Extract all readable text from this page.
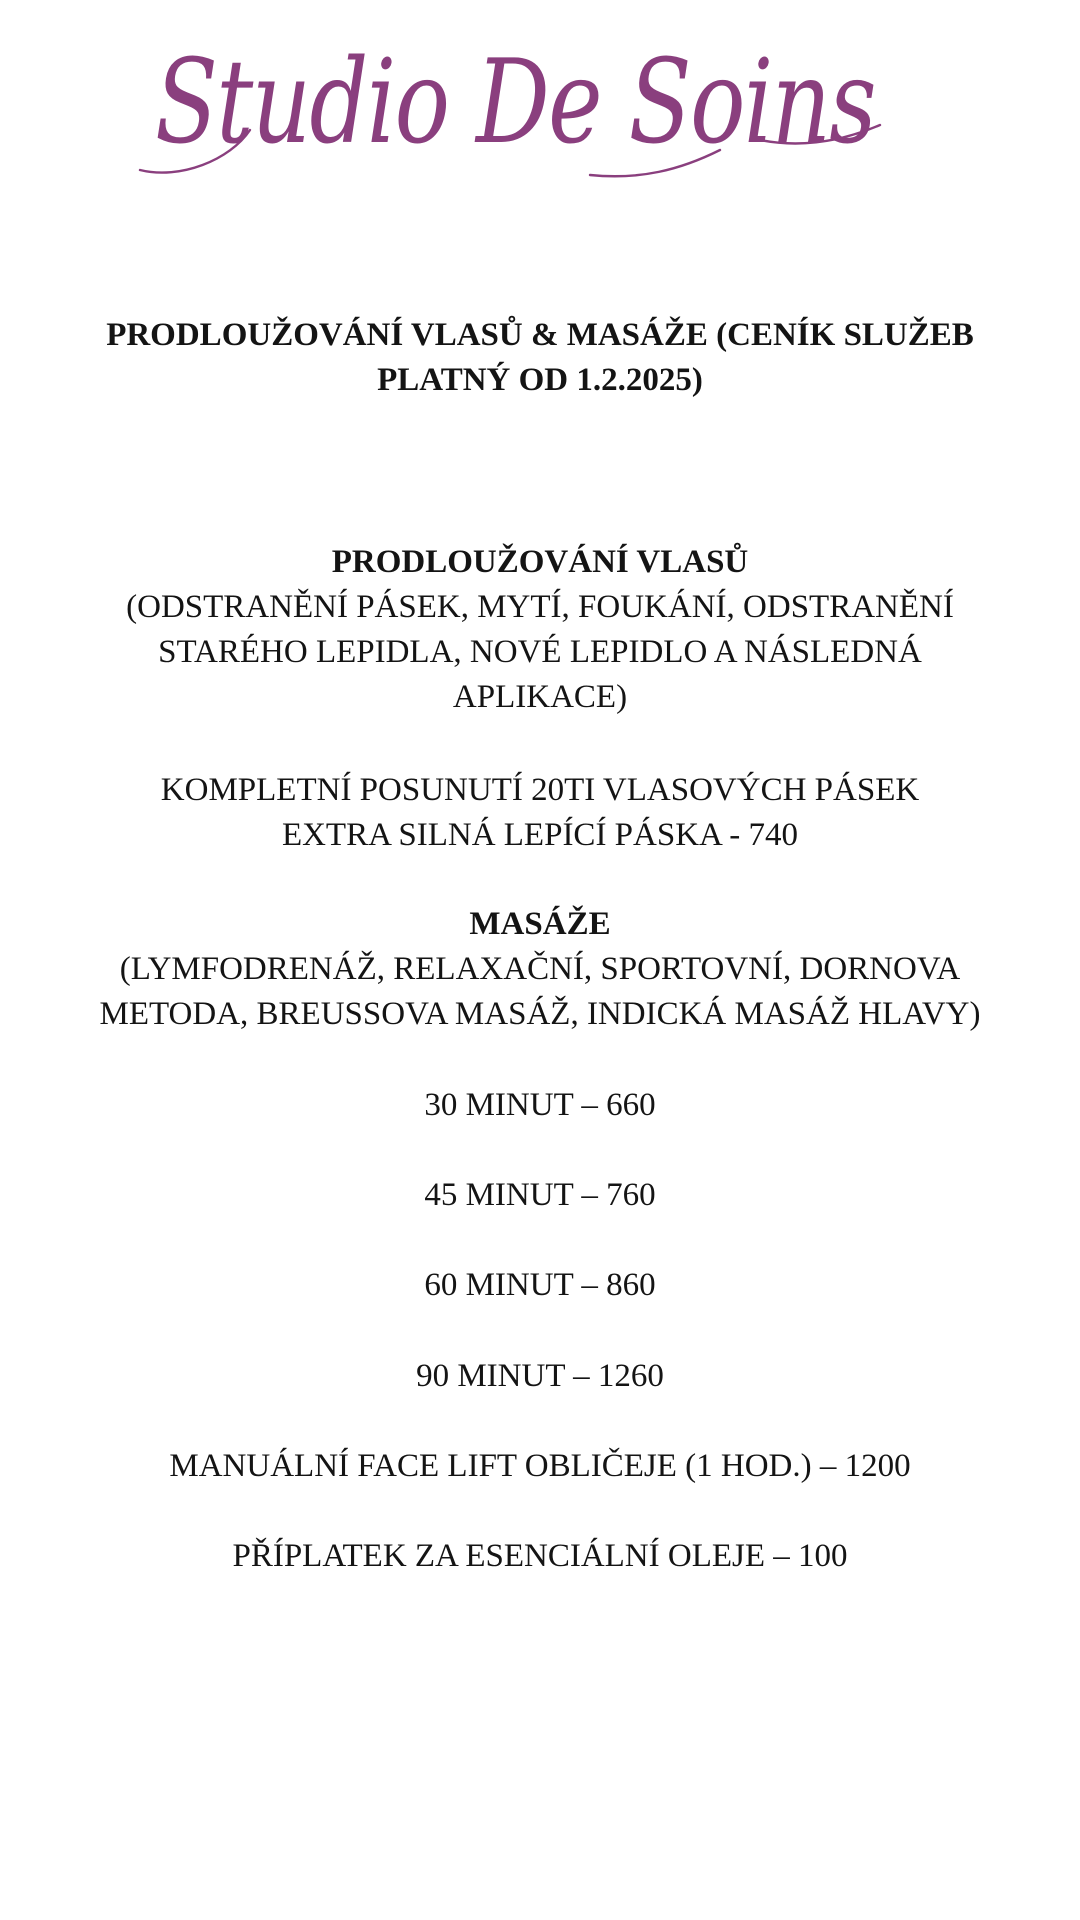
Studio De Soins
PRODLOUŽOVÁNÍ VLASŮ & MASÁŽE (CENÍK SLUŽEB
PLATNÝ OD 1.2.2025)
PRODLOUŽOVÁNÍ VLASŮ
(ODSTRANĚNÍ PÁSEK, MYTÍ, FOUKÁNÍ, ODSTRANĚNÍ
STARÉHO LEPIDLA, NOVÉ LEPIDLO A NÁSLEDNÁ
APLIKACE)
KOMPLETNÍ POSUNUTÍ 20TI VLASOVÝCH PÁSEK
EXTRA SILNÁ LEPÍCÍ PÁSKA - 740
MASÁŽE
(LYMFODRENÁŽ, RELAXAČNÍ, SPORTOVNÍ, DORNOVA
METODA, BREUSSOVA MASÁŽ, INDICKÁ MASÁŽ HLAVY)
30 MINUT – 660
45 MINUT – 760
60 MINUT – 860
90 MINUT – 1260
MANUÁLNÍ FACE LIFT OBLIČEJE (1 HOD.) – 1200
PŘÍPLATEK ZA ESENCIÁLNÍ OLEJE – 100
